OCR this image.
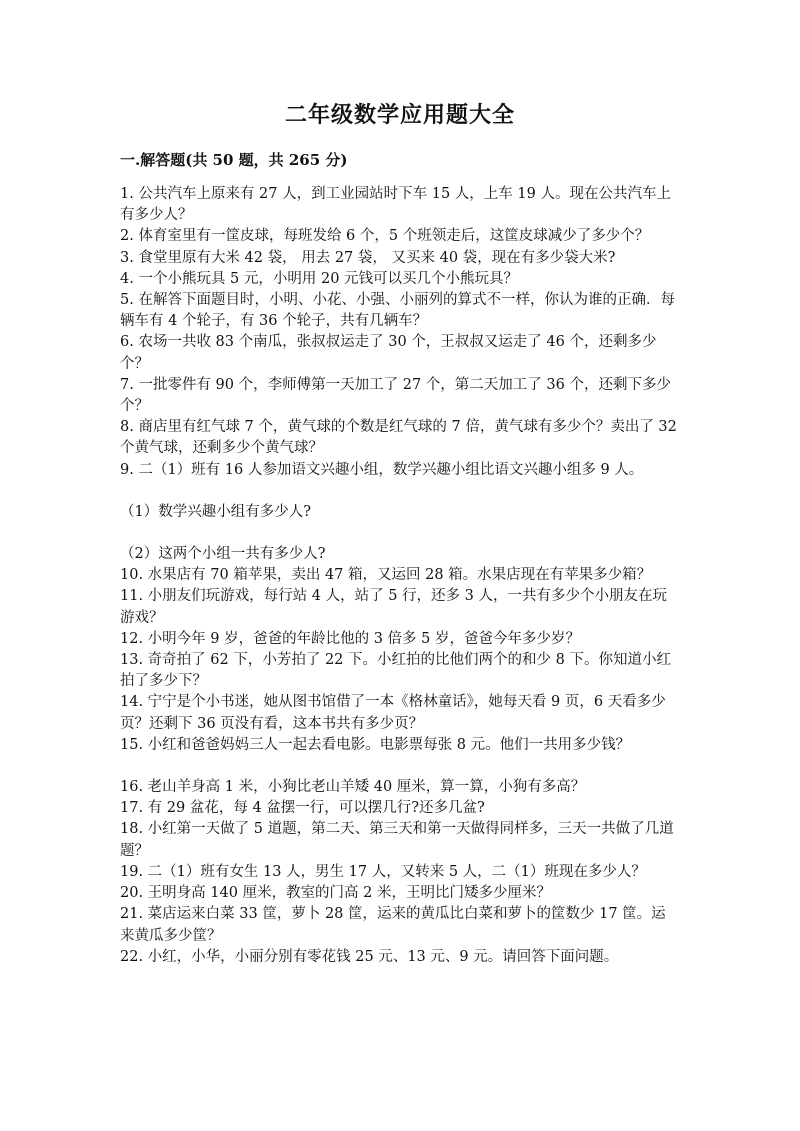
二年级数学应用题大全
一.解答题(共 50 题，共 265 分)

1. 公共汽车上原来有 27 人，到工业园站时下车 15 人，上车 19 人。现在公共汽车上有多少人？

2. 体育室里有一筐皮球，每班发给 6 个，5 个班领走后，这筐皮球减少了多少个？

3. 食堂里原有大米 42 袋， 用去 27 袋， 又买来 40 袋，现在有多少袋大米?

4. 一个小熊玩具 5 元，小明用 20 元钱可以买几个小熊玩具？

5. 在解答下面题目时，小明、小花、小强、小丽列的算式不一样，你认为谁的正确．每辆车有 4 个轮子，有 36 个轮子，共有几辆车？

6. 农场一共收 83 个南瓜，张叔叔运走了 30 个，王叔叔又运走了 46 个，还剩多少个？

7. 一批零件有 90 个，李师傅第一天加工了 27 个，第二天加工了 36 个，还剩下多少个？

8. 商店里有红气球 7 个，黄气球的个数是红气球的 7 倍，黄气球有多少个？卖出了 32 个黄气球，还剩多少个黄气球？

9. 二（1）班有 16 人参加语文兴趣小组，数学兴趣小组比语文兴趣小组多 9 人。

（1）数学兴趣小组有多少人?

（2）这两个小组一共有多少人?

10. 水果店有 70 箱苹果，卖出 47 箱，又运回 28 箱。水果店现在有苹果多少箱？

11. 小朋友们玩游戏，每行站 4 人，站了 5 行，还多 3 人，一共有多少个小朋友在玩游戏？

12. 小明今年 9 岁，爸爸的年龄比他的 3 倍多 5 岁，爸爸今年多少岁？

13. 奇奇拍了 62 下，小芳拍了 22 下。小红拍的比他们两个的和少 8 下。你知道小红拍了多少下？

14. 宁宁是个小书迷，她从图书馆借了一本《格林童话》，她每天看 9 页，6 天看多少页？还剩下 36 页没有看，这本书共有多少页？

15. 小红和爸爸妈妈三人一起去看电影。电影票每张 8 元。他们一共用多少钱？

16. 老山羊身高 1 米，小狗比老山羊矮 40 厘米，算一算，小狗有多高？

17. 有 29 盆花，每 4 盆摆一行，可以摆几行?还多几盆?

18. 小红第一天做了 5 道题，第二天、第三天和第一天做得同样多，三天一共做了几道题？

19. 二（1）班有女生 13 人，男生 17 人，又转来 5 人，二（1）班现在多少人？

20. 王明身高 140 厘米，教室的门高 2 米，王明比门矮多少厘米？

21. 菜店运来白菜 33 筐，萝卜 28 筐，运来的黄瓜比白菜和萝卜的筐数少 17 筐。运来黄瓜多少筐？

22. 小红，小华，小丽分别有零花钱 25 元、13 元、9 元。请回答下面问题。
